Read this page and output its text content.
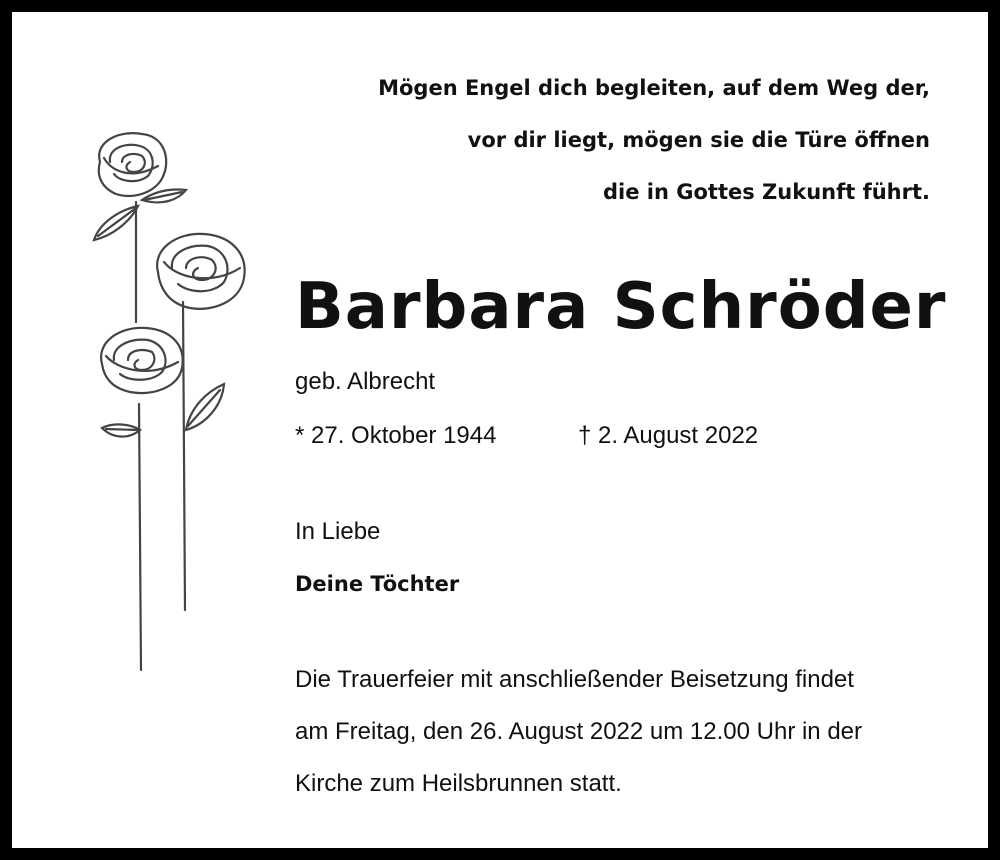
Mögen Engel dich begleiten, auf dem Weg der,
vor dir liegt, mögen sie die Türe öffnen
die in Gottes Zukunft führt.
Barbara Schröder
geb. Albrecht
* 27. Oktober 1944	† 2. August 2022
In Liebe
Deine Töchter
Die Trauerfeier mit anschließender Beisetzung findet
am Freitag, den 26. August 2022 um 12.00 Uhr in der
Kirche zum Heilsbrunnen statt.
